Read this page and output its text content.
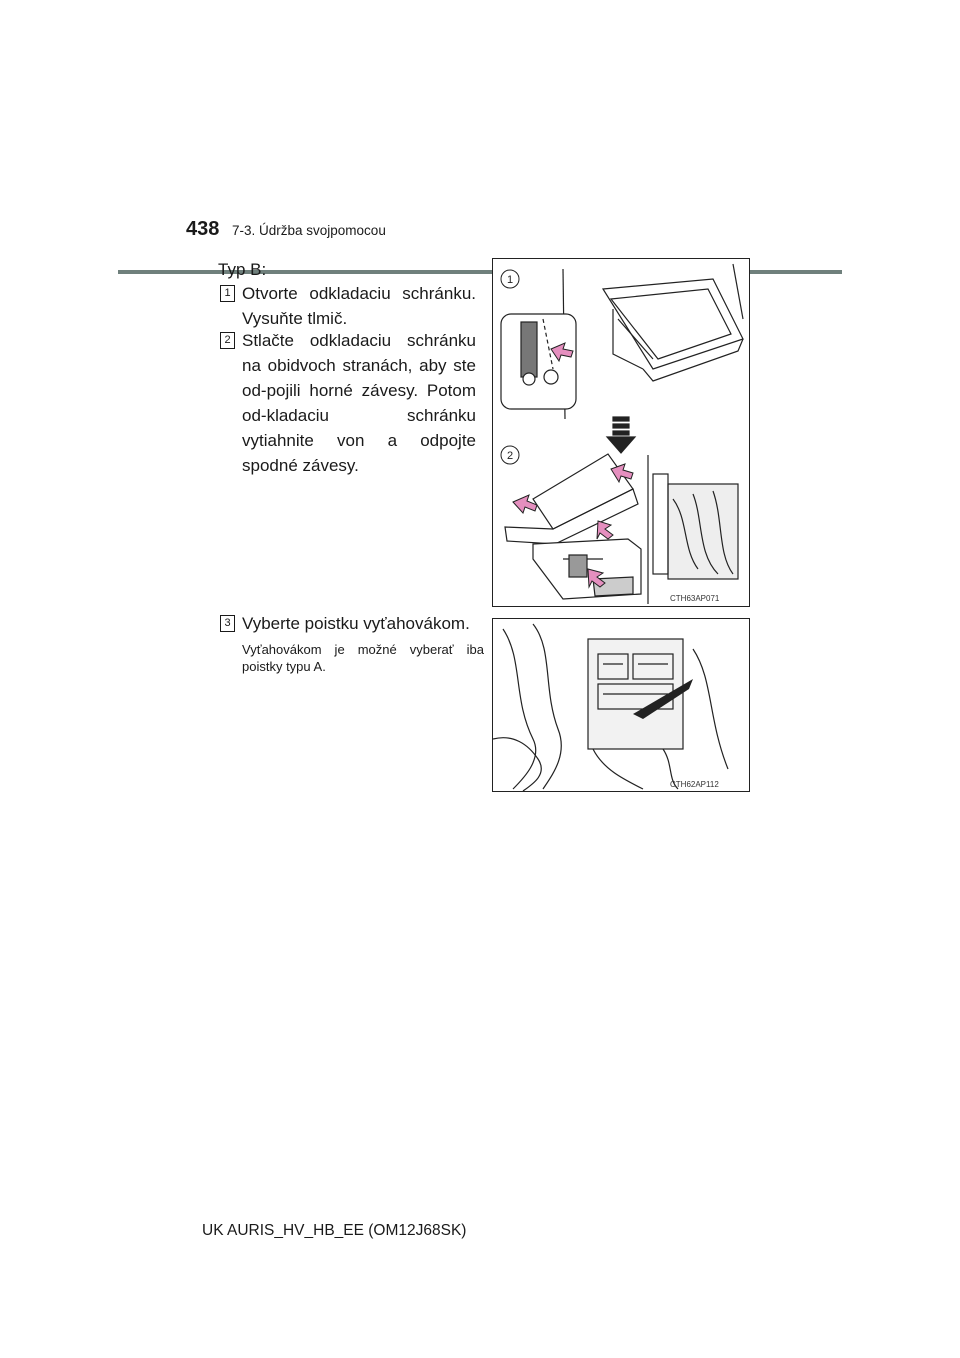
438 7-3. Údržba svojpomocou
Typ B:
1 Otvorte odkladaciu schránku. Vysuňte tlmič.
2 Stlačte odkladaciu schránku na obidvoch stranách, aby ste od-pojili horné závesy. Potom od-kladaciu schránku vytiahnite von a odpojte spodné závesy.
3 Vyberte poistku vyťahovákom.
Vyťahovákom je možné vyberať iba poistky typu A.
1
2
CTH63AP071
CTH62AP112
UK AURIS_HV_HB_EE (OM12J68SK)
